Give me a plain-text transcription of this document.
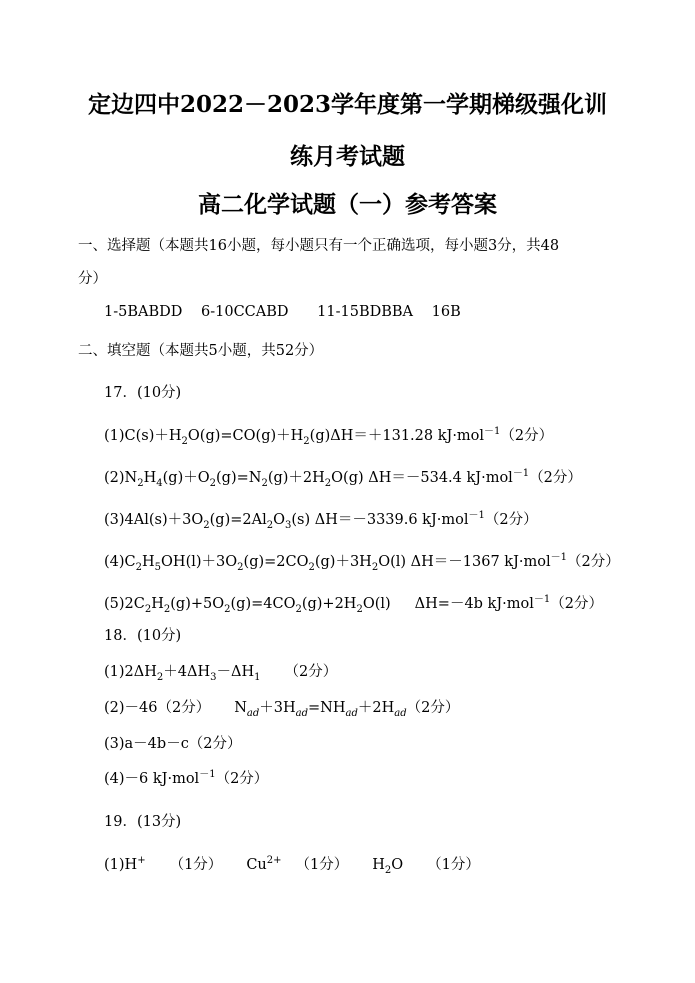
定边四中2022－2023学年度第一学期梯级强化训
练月考试题
高二化学试题（一）参考答案
一、选择题（本题共16小题，每小题只有一个正确选项，每小题3分，共48
分）
1-5BABDD 6-10CCABD 11-15BDBBA 16B
二、填空题（本题共5小题，共52分）
17．(10分)
$(1)C(s)+H_2O(g)=CO(g)+H_2(g)\Delta H=+131.28$ kJ·mol$^{-1}$（2分）
$(2)N_2H_4(g)+O_2(g)=N_2(g)+2H_2O(g)$ ΔH＝－534.4 kJ·mol$^{-1}$（2分）
$(3)4Al(s)+3O_2(g)=2Al_2O_3(s)$ ΔH＝－3339.6 kJ·mol$^{-1}$（2分）
$(4)C_2H_5OH(l)+3O_2(g)=2CO_2(g)+3H_2O(l)$ ΔH＝－1367 kJ·mol$^{-1}$（2分）
$(5)2C_2H_2(g)+5O_2(g)=4CO_2(g)+2H_2O(l)$ ΔH=－4b kJ·mol$^{-1}$（2分）
18．(10分)
$(1)2\Delta H_2+4\Delta H_3-\Delta H_1$ （2分）
(2)－46（2分） $N_{ad}+3H_{ad}=NH_{ad}+2H_{ad}(2$分）
(3)a－4b－c（2分）
(4)－6 kJ·mol$^{-1}$（2分）
19．(13分)
(1)H+ （1分） $Cu^{2+}$ （1分） $H_2O$ （1分）
